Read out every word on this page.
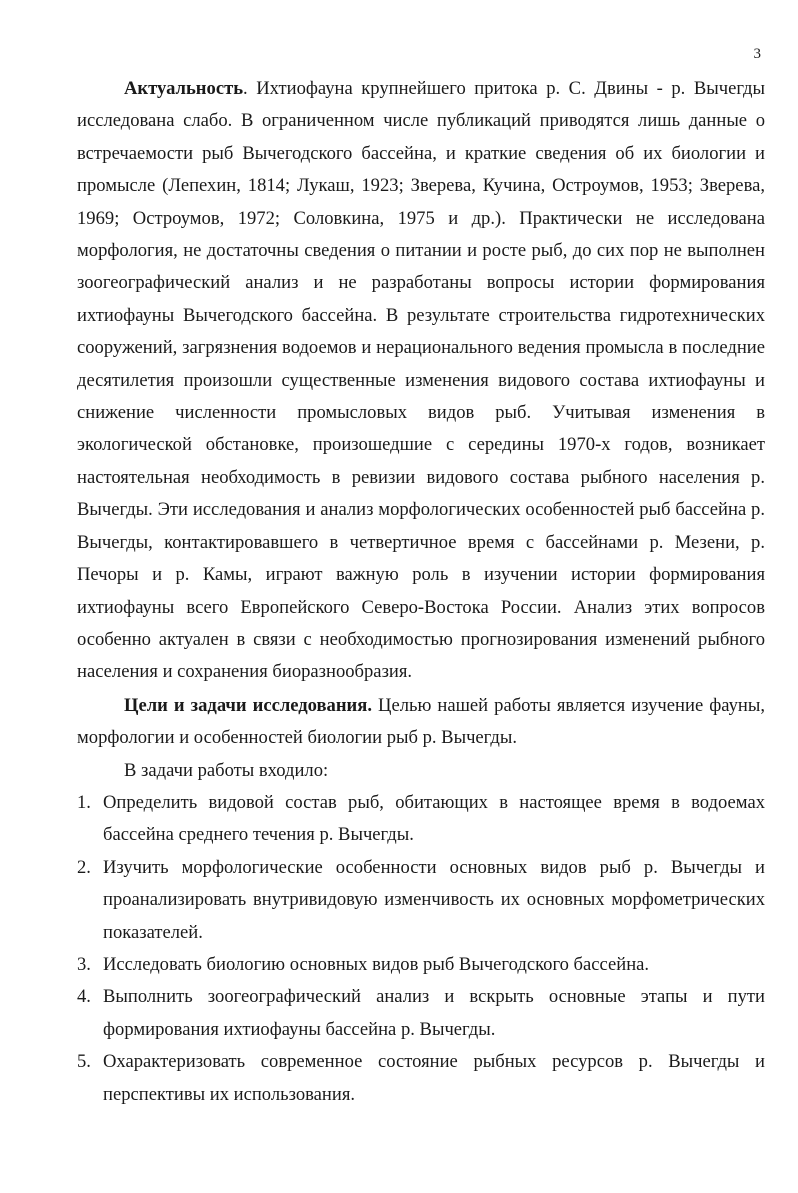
3

Актуальность. Ихтиофауна крупнейшего притока р. С. Двины - р. Вычегды исследована слабо. В ограниченном числе публикаций приводятся лишь данные о встречаемости рыб Вычегодского бассейна, и краткие сведения об их биологии и промысле (Лепехин, 1814; Лукаш, 1923; Зверева, Кучина, Остроумов, 1953; Зверева, 1969; Остроумов, 1972; Соловкина, 1975 и др.). Практически не исследована морфология, не достаточны сведения о питании и росте рыб, до сих пор не выполнен зоогеографический анализ и не разработаны вопросы истории формирования ихтиофауны Вычегодского бассейна. В результате строительства гидротехнических сооружений, загрязнения водоемов и нерационального ведения промысла в последние десятилетия произошли существенные изменения видового состава ихтиофауны и снижение численности промысловых видов рыб. Учитывая изменения в экологической обстановке, произошедшие с середины 1970-х годов, возникает настоятельная необходимость в ревизии видового состава рыбного населения р. Вычегды. Эти исследования и анализ морфологических особенностей рыб бассейна р. Вычегды, контактировавшего в четвертичное время с бассейнами р. Мезени, р. Печоры и р. Камы, играют важную роль в изучении истории формирования ихтиофауны всего Европейского Северо-Востока России. Анализ этих вопросов особенно актуален в связи с необходимостью прогнозирования изменений рыбного населения и сохранения биоразнообразия.

Цели и задачи исследования. Целью нашей работы является изучение фауны, морфологии и особенностей биологии рыб р. Вычегды.

В задачи работы входило:

1. Определить видовой состав рыб, обитающих в настоящее время в водоемах бассейна среднего течения р. Вычегды.
2. Изучить морфологические особенности основных видов рыб р. Вычегды и проанализировать внутривидовую изменчивость их основных морфометрических показателей.
3. Исследовать биологию основных видов рыб Вычегодского бассейна.
4. Выполнить зоогеографический анализ и вскрыть основные этапы и пути формирования ихтиофауны бассейна р. Вычегды.
5. Охарактеризовать современное состояние рыбных ресурсов р. Вычегды и перспективы их использования.
